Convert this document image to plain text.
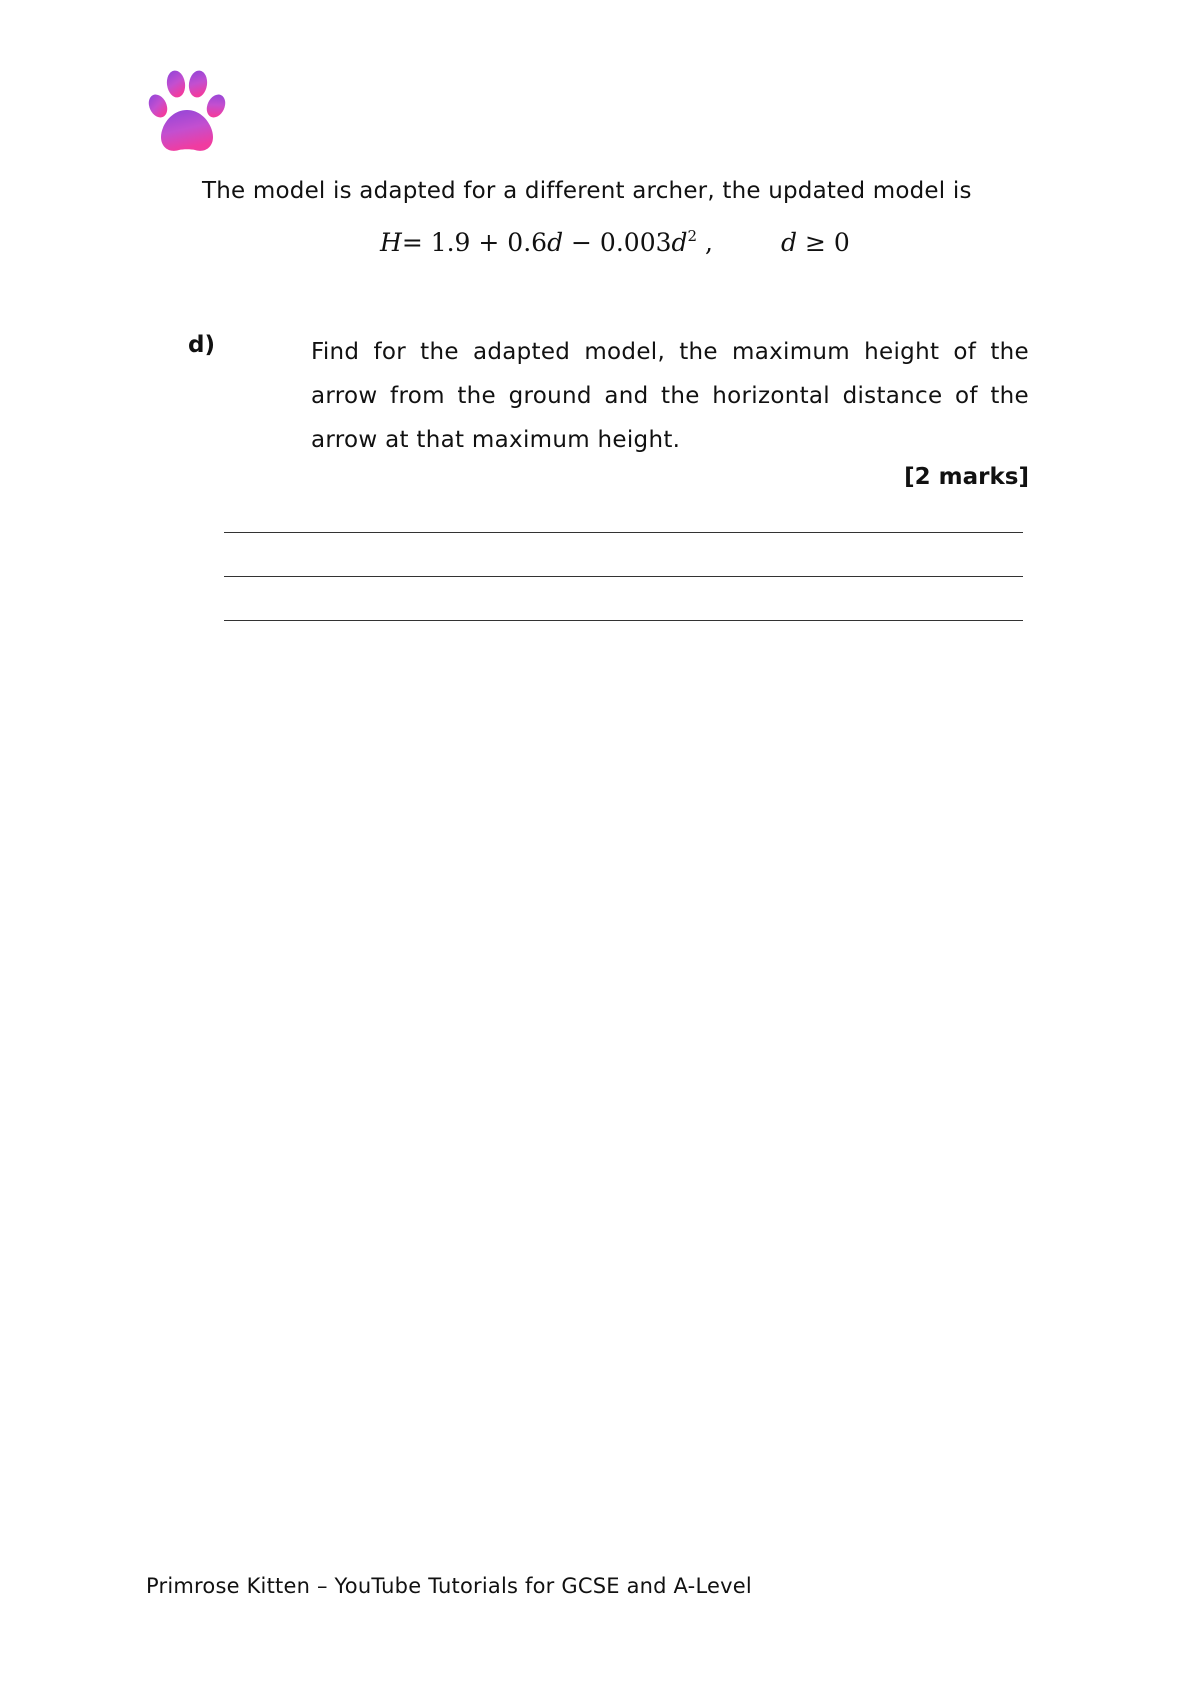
The model is adapted for a different archer, the updated model is
$H= 1.9 + 0.6d - 0.003d^2$ ,	d ≥ 0
d)	Find for the adapted model, the maximum height of the arrow from the ground and the horizontal distance of the arrow at that maximum height.
[2 marks]
Primrose Kitten – YouTube Tutorials for GCSE and A-Level
